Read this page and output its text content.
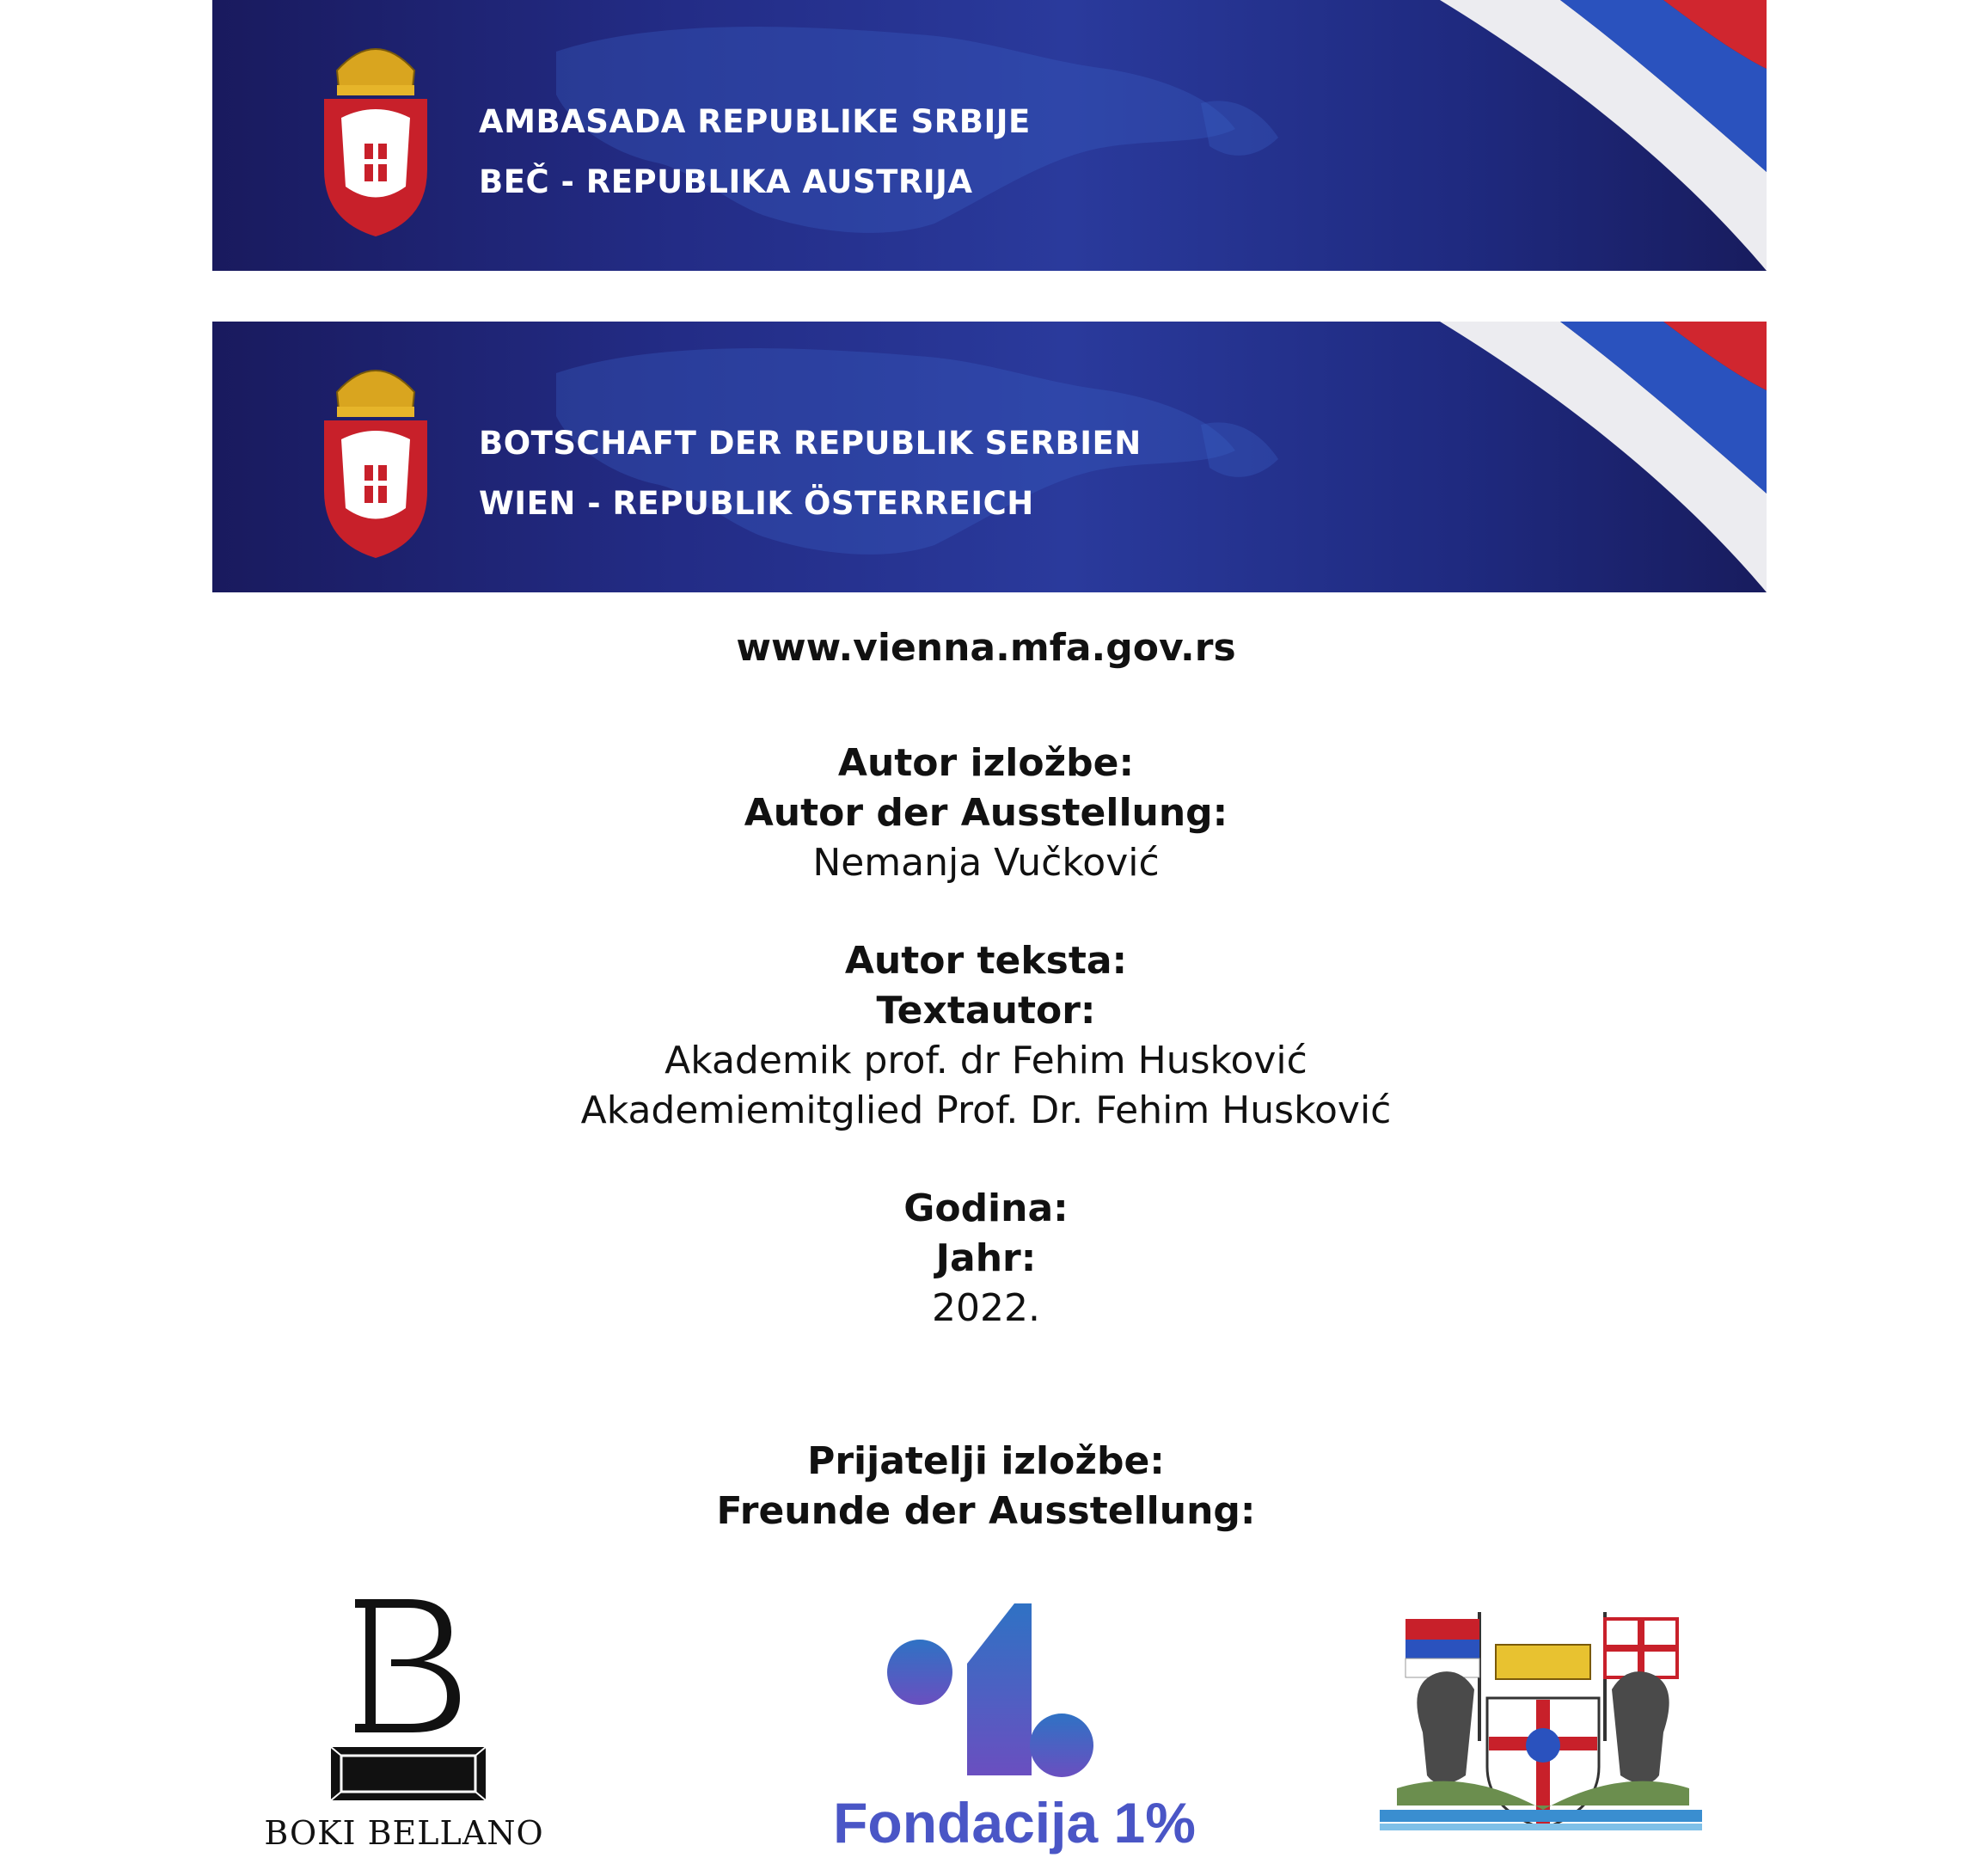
AMBASADA REPUBLIKE SRBIJE
BEČ - REPUBLIKA AUSTRIJA
BOTSCHAFT DER REPUBLIK SERBIEN
WIEN - REPUBLIK ÖSTERREICH
www.vienna.mfa.gov.rs
Autor izložbe:
Autor der Ausstellung:
Nemanja Vučković
Autor teksta:
Textautor:
Akademik prof. dr Fehim Husković
Akademiemitglied Prof. Dr. Fehim Husković
Godina:
Jahr:
2022.
Prijatelji izložbe:
Freunde der Ausstellung:
BOKI BELLANO	Fondacija 1%
